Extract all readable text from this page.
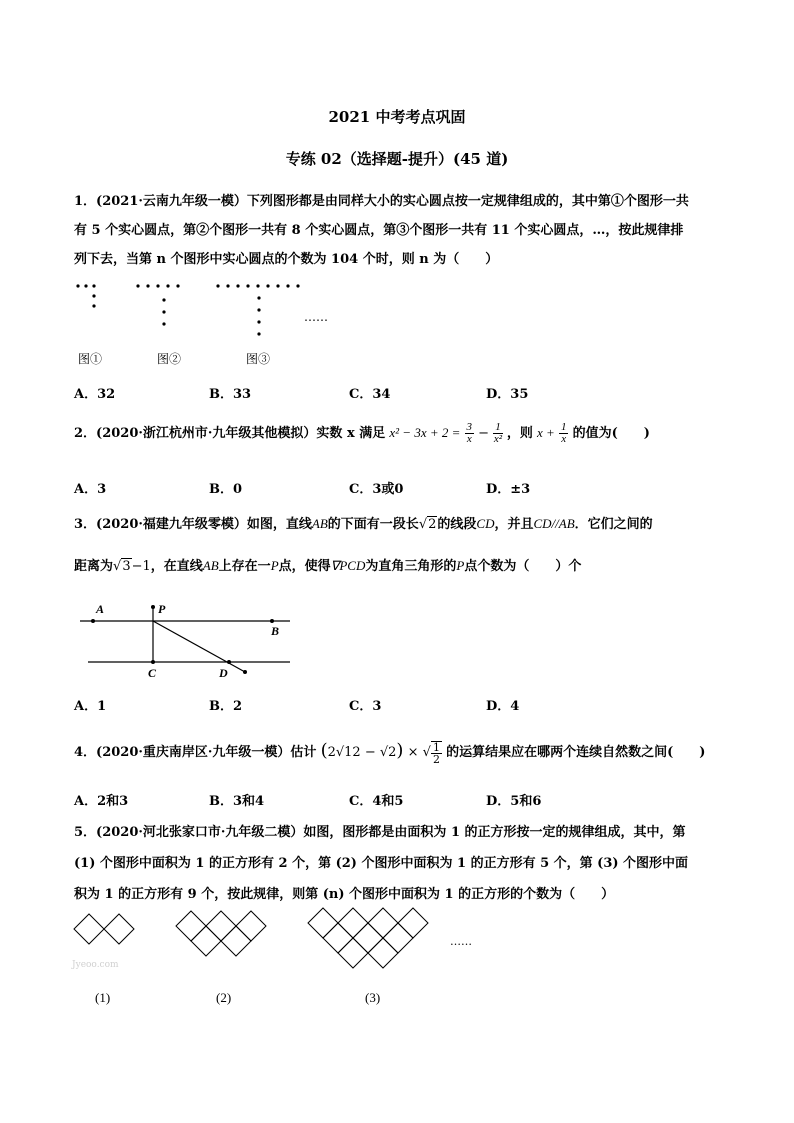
2021 中考考点巩固
专练 02（选择题-提升）(45 道)
1．(2021·云南九年级一模）下列图形都是由同样大小的实心圆点按一定规律组成的，其中第①个图形一共
有 5 个实心圆点，第②个图形一共有 8 个实心圆点，第③个图形一共有 11 个实心圆点，…，按此规律排
列下去，当第 n 个图形中实心圆点的个数为 104 个时，则 n 为（　　）
……
图①	图②	图③
A．32	B．33	C．34	D．35
2．(2020·浙江杭州市·九年级其他模拟）实数 x 满足 $x^2 - 3x + 2 = \frac{3}{x} - \frac{1}{\text{x²}}$ ，则 $x + \frac{1}{x}$ 的值为(　　)
A．3	B．0	C．3或0	D．±3
3．(2020·福建九年级零模）如图，直线AB的下面有一段长√2的线段CD，并且CD//AB．它们之间的
距离为√3−1，在直线AB上存在一P点，使得∇PCD为直角三角形的P点个数为（　　）个
A	P
B
C	D
A．1	B．2	C．3	D．4
4．(2020·重庆南岸区·九年级一模）估计 (2√12 − √2) × √ $\frac{1}{2}$ 的运算结果应在哪两个连续自然数之间(　　)
A．2和3	B．3和4	C．4和5	D．5和6
5．(2020·河北张家口市·九年级二模）如图，图形都是由面积为 1 的正方形按一定的规律组成，其中，第
(1) 个图形中面积为 1 的正方形有 2 个，第 (2) 个图形中面积为 1 的正方形有 5 个，第 (3) 个图形中面
积为 1 的正方形有 9 个，按此规律，则第 (n) 个图形中面积为 1 的正方形的个数为（　　）
……
Jyeoo.com
(1)	(2)	(3)
